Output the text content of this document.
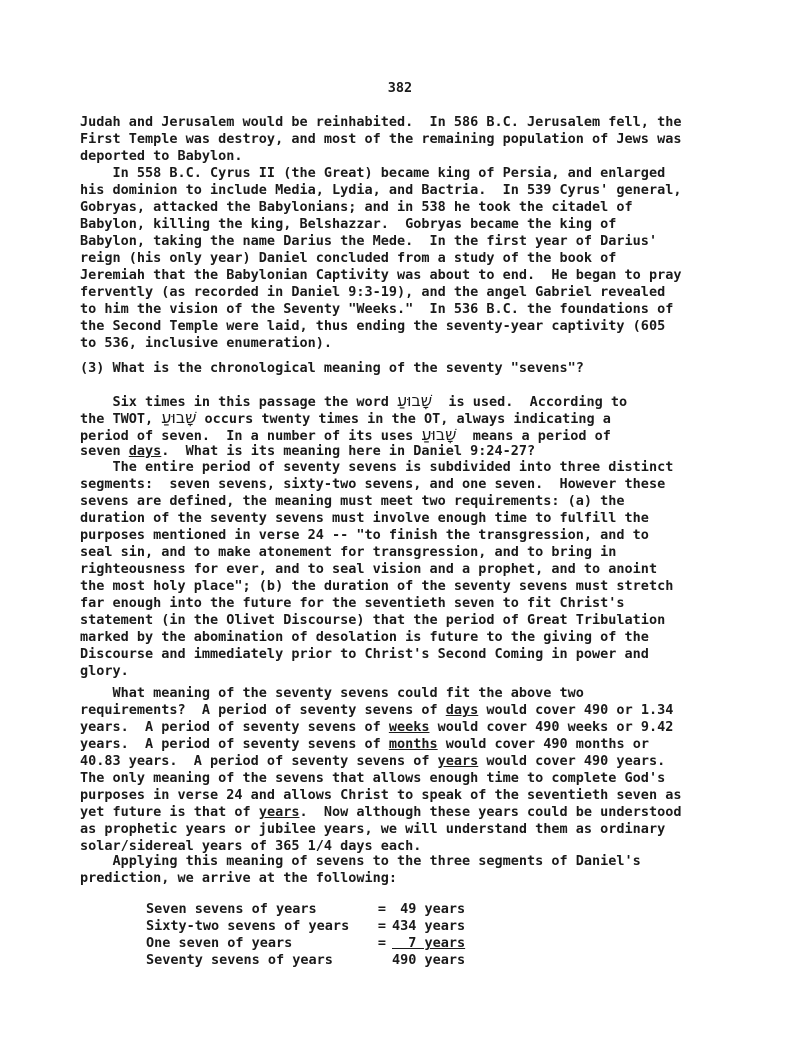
382
Judah and Jerusalem would be reinhabited.  In 586 B.C. Jerusalem fell, the
First Temple was destroy, and most of the remaining population of Jews was
deported to Babylon.
In 558 B.C. Cyrus II (the Great) became king of Persia, and enlarged
his dominion to include Media, Lydia, and Bactria.  In 539 Cyrus' general,
Gobryas, attacked the Babylonians; and in 538 he took the citadel of
Babylon, killing the king, Belshazzar.  Gobryas became the king of
Babylon, taking the name Darius the Mede.  In the first year of Darius'
reign (his only year) Daniel concluded from a study of the book of
Jeremiah that the Babylonian Captivity was about to end.  He began to pray
fervently (as recorded in Daniel 9:3-19), and the angel Gabriel revealed
to him the vision of the Seventy "Weeks."  In 536 B.C. the foundations of
the Second Temple were laid, thus ending the seventy-year captivity (605
to 536, inclusive enumeration).
(3) What is the chronological meaning of the seventy "sevens"?
Six times in this passage the word שָׁבוּעַ  is used.  According to
the TWOT, שָׁבוּעַ occurs twenty times in the OT, always indicating a
period of seven.  In a number of its uses שָׁבוּעַ  means a period of
seven days.  What is its meaning here in Daniel 9:24-27?
The entire period of seventy sevens is subdivided into three distinct
segments:  seven sevens, sixty-two sevens, and one seven.  However these
sevens are defined, the meaning must meet two requirements: (a) the
duration of the seventy sevens must involve enough time to fulfill the
purposes mentioned in verse 24 -- "to finish the transgression, and to
seal sin, and to make atonement for transgression, and to bring in
righteousness for ever, and to seal vision and a prophet, and to anoint
the most holy place"; (b) the duration of the seventy sevens must stretch
far enough into the future for the seventieth seven to fit Christ's
statement (in the Olivet Discourse) that the period of Great Tribulation
marked by the abomination of desolation is future to the giving of the
Discourse and immediately prior to Christ's Second Coming in power and
glory.
What meaning of the seventy sevens could fit the above two
requirements?  A period of seventy sevens of days would cover 490 or 1.34
years.  A period of seventy sevens of weeks would cover 490 weeks or 9.42
years.  A period of seventy sevens of months would cover 490 months or
40.83 years.  A period of seventy sevens of years would cover 490 years.
The only meaning of the sevens that allows enough time to complete God's
purposes in verse 24 and allows Christ to speak of the seventieth seven as
yet future is that of years.  Now although these years could be understood
as prophetic years or jubilee years, we will understand them as ordinary
solar/sidereal years of 365 1/4 days each.
Applying this meaning of sevens to the three segments of Daniel's
prediction, we arrive at the following:
Seven sevens of years	=	49 years
Sixty-two sevens of years	=	434 years
One seven of years	=	7 years
Seventy sevens of years		490 years
